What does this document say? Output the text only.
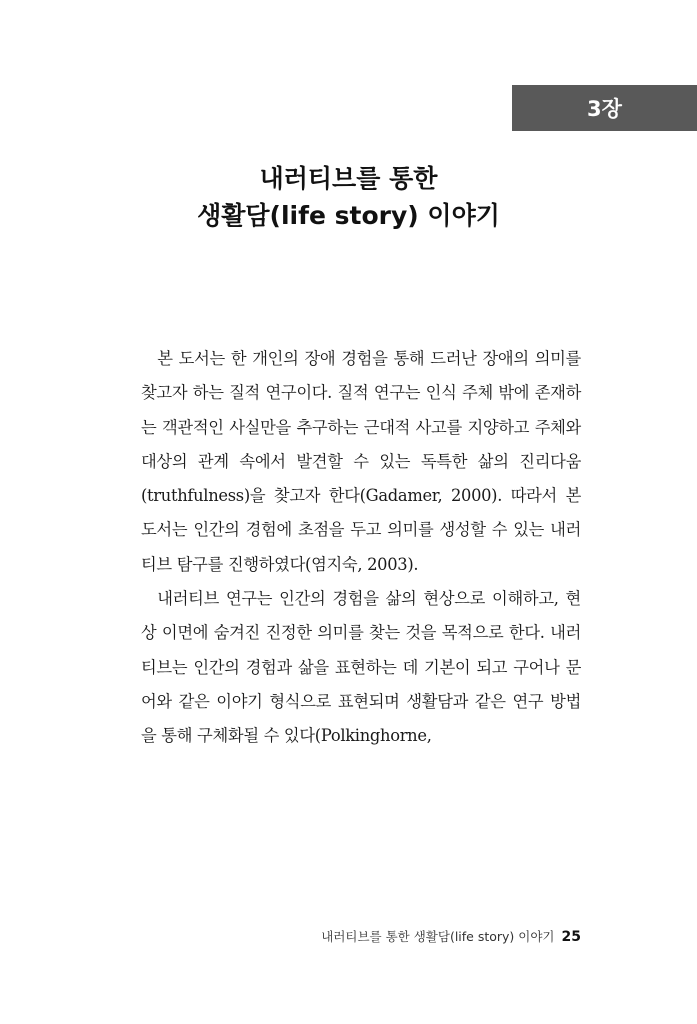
3장
내러티브를 통한
생활담(life story) 이야기

본 도서는 한 개인의 장애 경험을 통해 드러난 장애의 의미를 찾고자 하는 질적 연구이다. 질적 연구는 인식 주체 밖에 존재하는 객관적인 사실만을 추구하는 근대적 사고를 지양하고 주체와 대상의 관계 속에서 발견할 수 있는 독특한 삶의 진리다움(truthfulness)을 찾고자 한다(Gadamer, 2000). 따라서 본 도서는 인간의 경험에 초점을 두고 의미를 생성할 수 있는 내러티브 탐구를 진행하였다(염지숙, 2003).

내러티브 연구는 인간의 경험을 삶의 현상으로 이해하고, 현상 이면에 숨겨진 진정한 의미를 찾는 것을 목적으로 한다. 내러티브는 인간의 경험과 삶을 표현하는 데 기본이 되고 구어나 문어와 같은 이야기 형식으로 표현되며 생활담과 같은 연구 방법을 통해 구체화될 수 있다(Polkinghorne,

내러티브를 통한 생활담(life story) 이야기 25
